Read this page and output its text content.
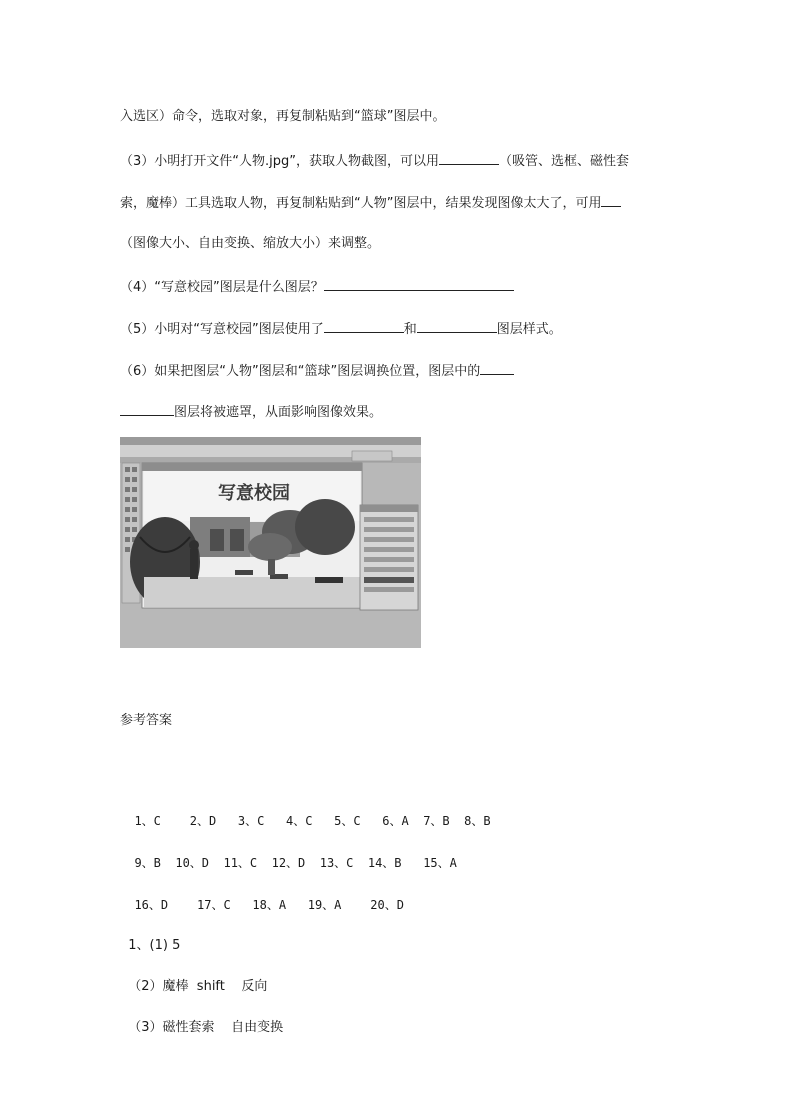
入选区）命令，选取对象，再复制粘贴到“篮球”图层中。
（3）小明打开文件“人物.jpg”，获取人物截图，可以用	（吸管、选框、磁性套
索，魔棒）工具选取人物，再复制粘贴到“人物”图层中，结果发现图像太大了，可用
（图像大小、自由变换、缩放大小）来调整。
（4）“写意校园”图层是什么图层？
（5）小明对“写意校园”图层使用了	和	图层样式。
（6）如果把图层“人物”图层和“篮球”图层调换位置，图层中的
图层将被遮罩，从面影响图像效果。
写意校园
参考答案

1、C    2、D   3、C   4、C   5、C   6、A  7、B  8、B

9、B  10、D  11、C  12、D  13、C  14、B   15、A

16、D    17、C   18、A   19、A    20、D

1、(1) 5

（2）魔棒  shift    反向

（3）磁性套索    自由变换
